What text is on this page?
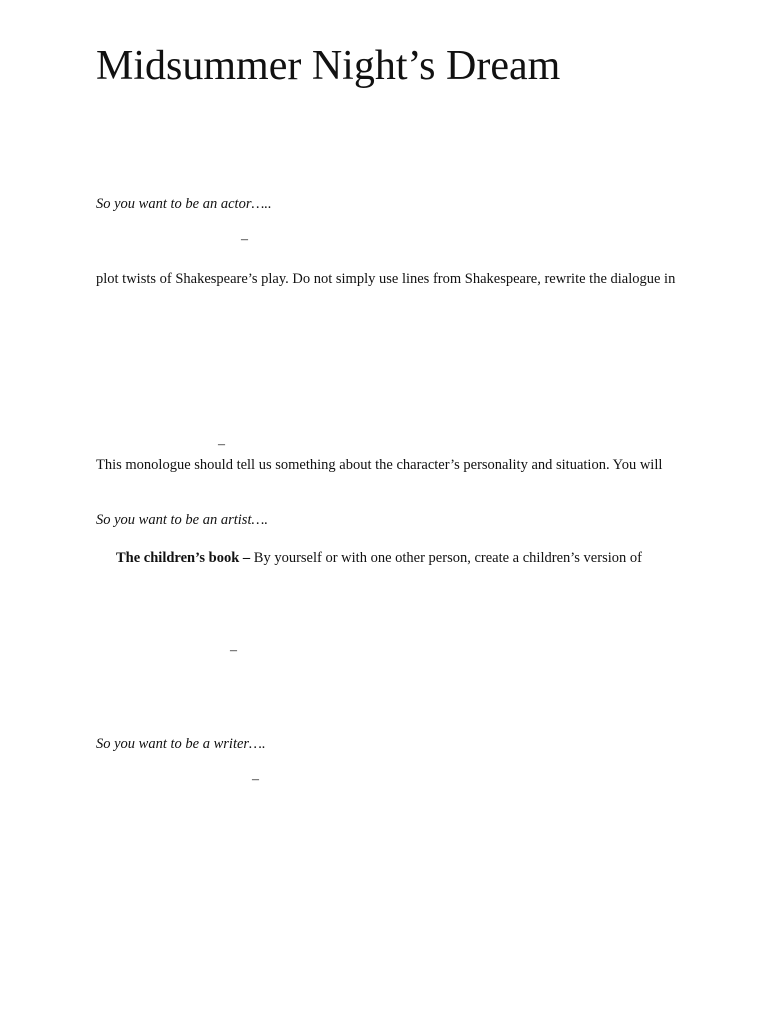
Midsummer Night’s Dream
So you want to be an actor…..
–
plot twists of Shakespeare’s play. Do not simply use lines from Shakespeare, rewrite the dialogue in
–
This monologue should tell us something about the character’s personality and situation. You will
So you want to be an artist….
The children’s book – By yourself or with one other person, create a children’s version of
–
So you want to be a writer….
–
